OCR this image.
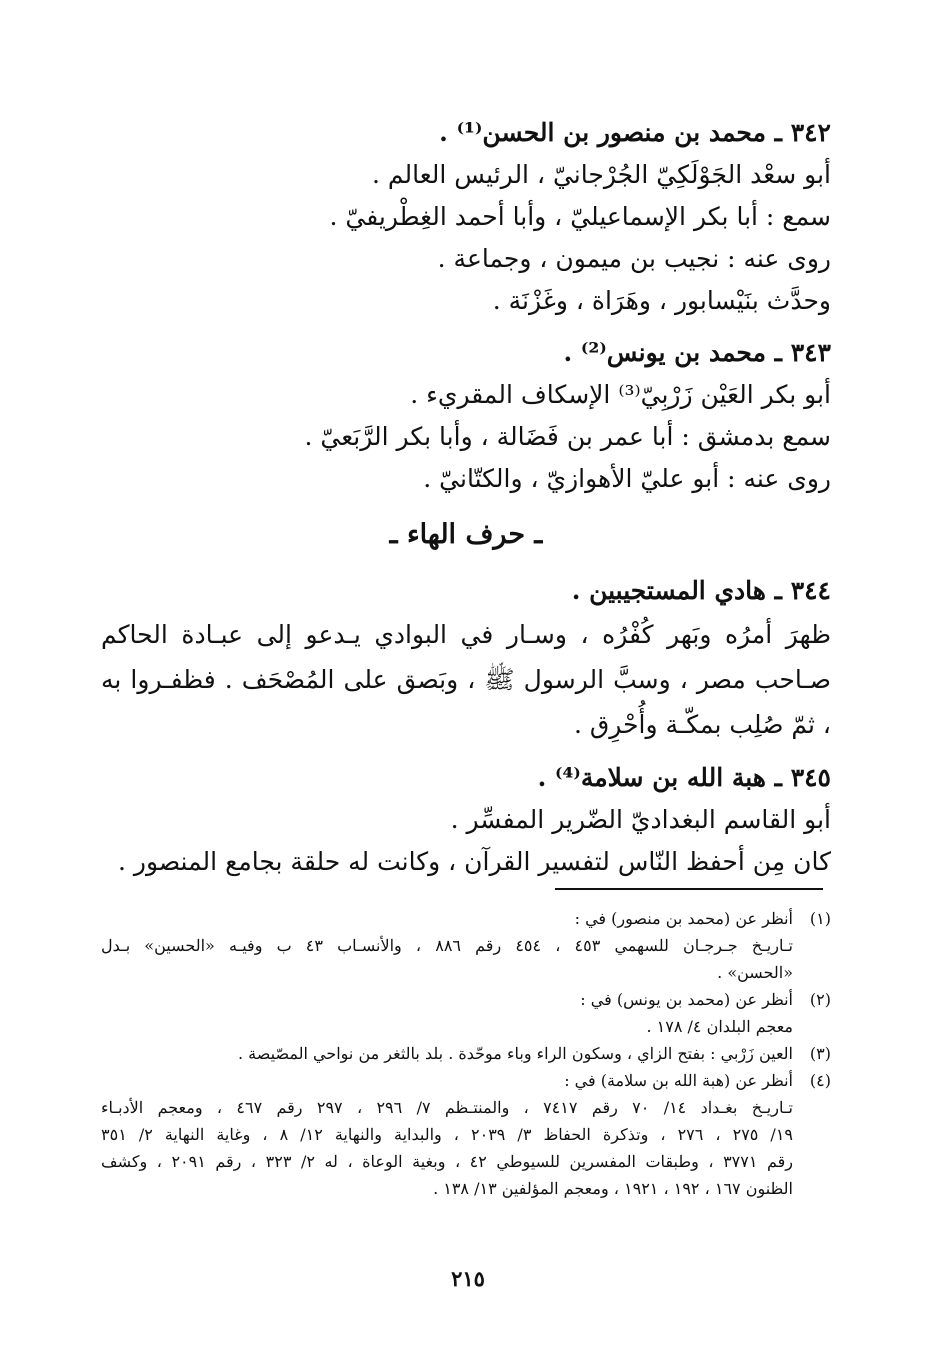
٣٤٢ ـ محمد بن منصور بن الحسن⁽¹⁾ .
أبو سعْد الجَوْلَكِيّ الجُرْجانيّ ، الرئيس العالم .
سمع : أبا بكر الإسماعيليّ ، وأبا أحمد الغِطْريفيّ .
روى عنه : نجيب بن ميمون ، وجماعة .
وحدَّث بنَيْسابور ، وهَرَاة ، وغَزْنَة .
٣٤٣ ـ محمد بن يونس⁽²⁾ .
أبو بكر العَيْن زَرْبِيّ⁽³⁾ الإسكاف المقريء .
سمع بدمشق : أبا عمر بن فَضَالة ، وأبا بكر الرَّبَعيّ .
روى عنه : أبو عليّ الأهوازيّ ، والكتّانيّ .
ـ حرف الهاء ـ
٣٤٤ ـ هادي المستجيبين .
ظهرَ أمرُه وبَهر كُفْرُه ، وسـار في البوادي يـدعو إلى عبـادة الحاكم صـاحب مصر ، وسبَّ الرسول ﷺ ، وبَصق على المُصْحَف . فظفـروا به ، ثمّ صُلِب بمكّـة وأُحْرِق .
٣٤٥ ـ هبة الله بن سلامة⁽⁴⁾ .
أبو القاسم البغداديّ الضّرير المفسِّر .
كان مِن أحفظ النّاس لتفسير القرآن ، وكانت له حلقة بجامع المنصور .
(١)
أنظر عن (محمد بن منصور) في :
تـاريـخ جـرجـان للسهمي ٤٥٣ ، ٤٥٤ رقم ٨٨٦ ، والأنسـاب ٤٣ ب وفيـه «الحسين» بـدل
«الحسن» .
(٢)
أنظر عن (محمد بن يونس) في :
معجم البلدان ٤/ ١٧٨ .
(٣)
العين زَرْبي : بفتح الزاي ، وسكون الراء وباء موحّدة . بلد بالثغر من نواحي المصّيصة .
(٤)
أنظر عن (هبة الله بن سلامة) في :
تـاريـخ بغـداد ١٤/ ٧٠ رقم ٧٤١٧ ، والمنتـظم ٧/ ٢٩٦ ، ٢٩٧ رقم ٤٦٧ ، ومعجم الأدبـاء
١٩/ ٢٧٥ ، ٢٧٦ ، وتذكرة الحفاظ ٣/ ٢٠٣٩ ، والبداية والنهاية ١٢/ ٨ ، وغاية النهاية ٢/ ٣٥١
رقم ٣٧٧١ ، وطبقات المفسرين للسيوطي ٤٢ ، وبغية الوعاة ، له ٢/ ٣٢٣ ، رقم ٢٠٩١ ، وكشف
الظنون ١٦٧ ، ١٩٢ ، ١٩٢١ ، ومعجم المؤلفين ١٣/ ١٣٨ .
٢١٥
